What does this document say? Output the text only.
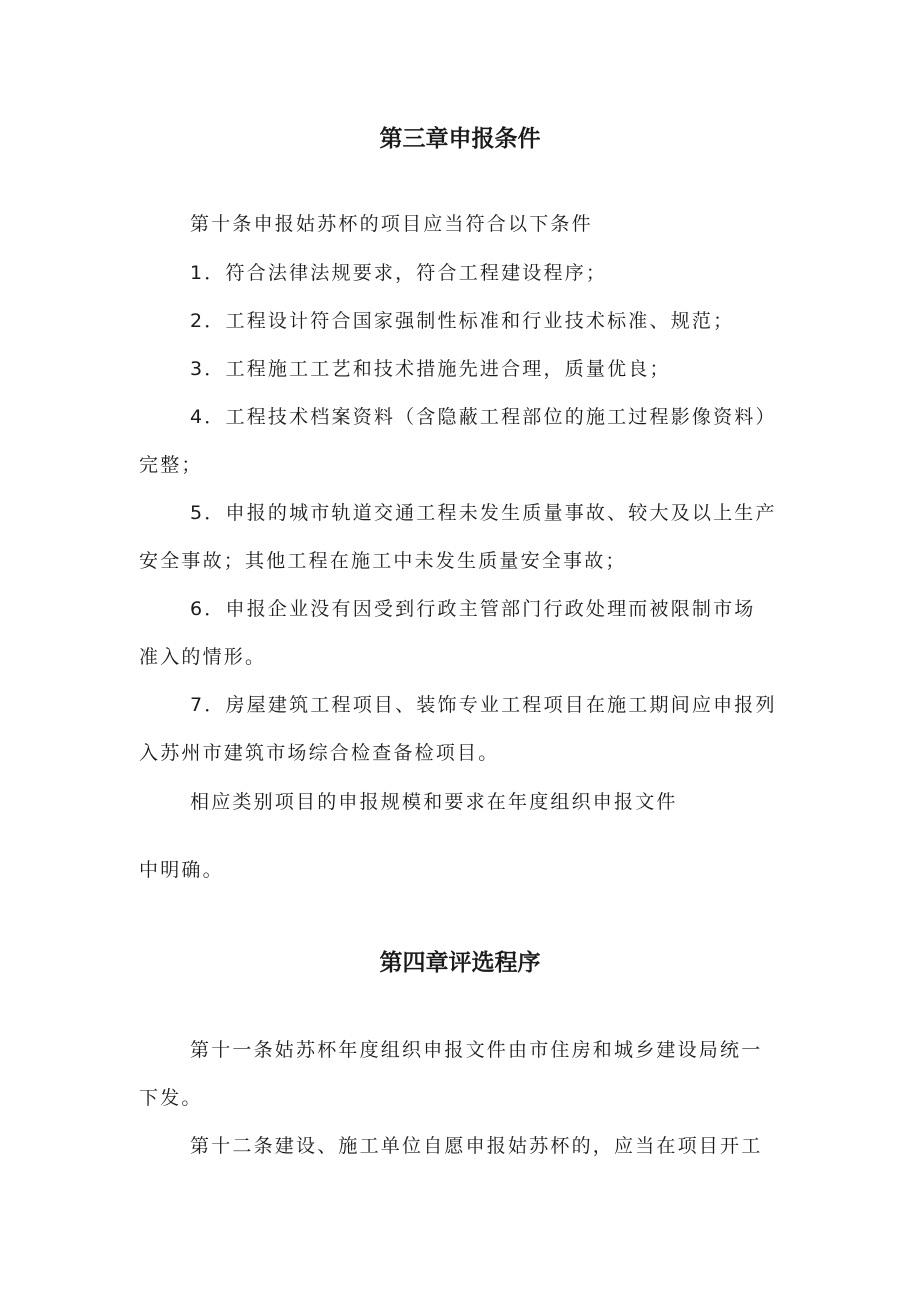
第三章申报条件
第十条申报姑苏杯的项目应当符合以下条件
1．符合法律法规要求，符合工程建设程序；
2．工程设计符合国家强制性标准和行业技术标准、规范；
3．工程施工工艺和技术措施先进合理，质量优良；
4．工程技术档案资料（含隐蔽工程部位的施工过程影像资料）
完整；
5．申报的城市轨道交通工程未发生质量事故、较大及以上生产
安全事故；其他工程在施工中未发生质量安全事故；
6．申报企业没有因受到行政主管部门行政处理而被限制市场
准入的情形。
7．房屋建筑工程项目、装饰专业工程项目在施工期间应申报列
入苏州市建筑市场综合检查备检项目。
相应类别项目的申报规模和要求在年度组织申报文件
中明确。
第四章评选程序
第十一条姑苏杯年度组织申报文件由市住房和城乡建设局统一
下发。
第十二条建设、施工单位自愿申报姑苏杯的，应当在项目开工
